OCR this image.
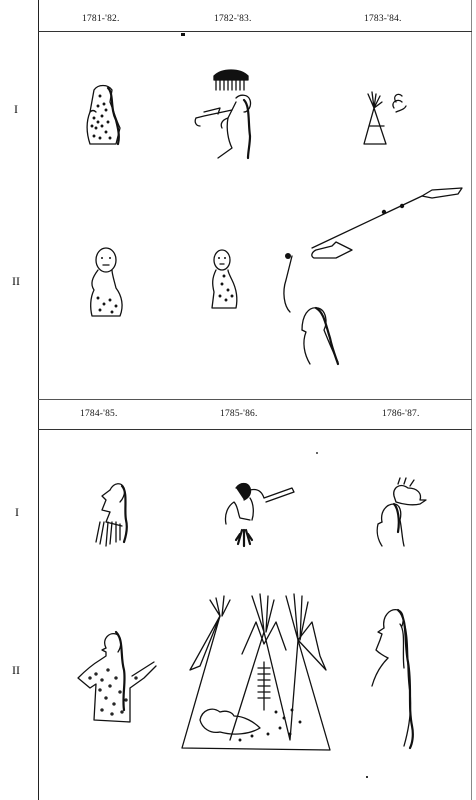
1781-'82.	1782-'83.	1783-'84.
I
II
1784-'85.	1785-'86.	1786-'87.
I
II
